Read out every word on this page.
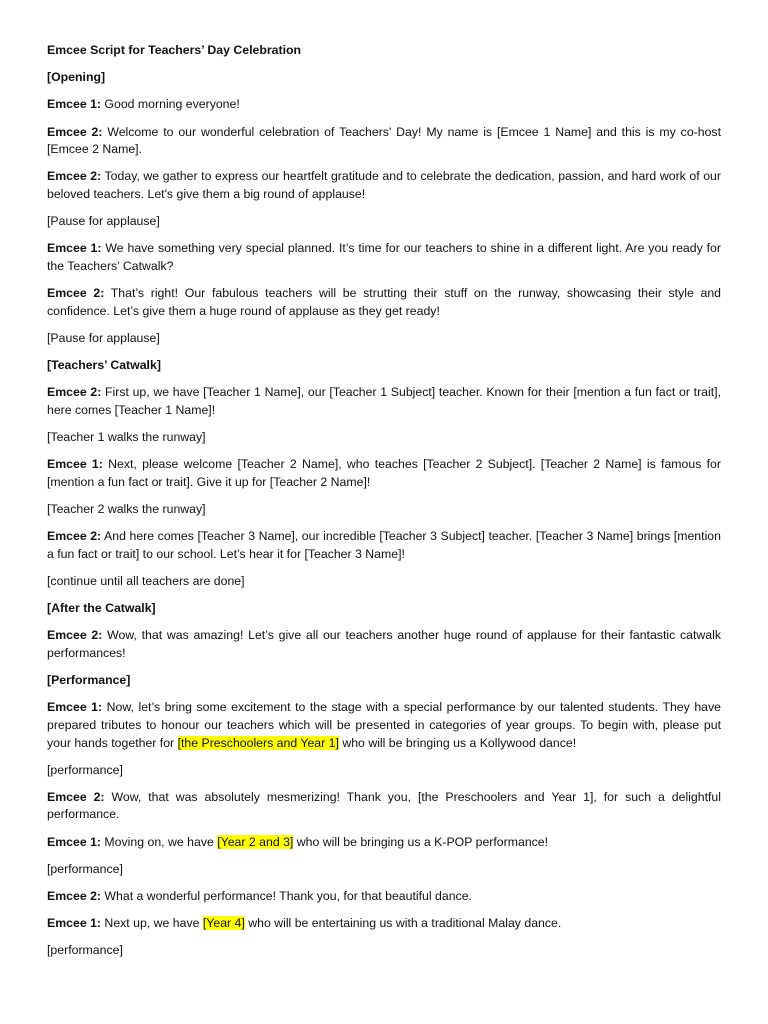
Emcee Script for Teachers’ Day Celebration

[Opening]

Emcee 1: Good morning everyone!

Emcee 2: Welcome to our wonderful celebration of Teachers' Day! My name is [Emcee 1 Name] and this is my co-host [Emcee 2 Name].

Emcee 2: Today, we gather to express our heartfelt gratitude and to celebrate the dedication, passion, and hard work of our beloved teachers. Let's give them a big round of applause!

[Pause for applause]

Emcee 1: We have something very special planned. It’s time for our teachers to shine in a different light. Are you ready for the Teachers’ Catwalk?

Emcee 2: That’s right! Our fabulous teachers will be strutting their stuff on the runway, showcasing their style and confidence. Let’s give them a huge round of applause as they get ready!

[Pause for applause]

[Teachers’ Catwalk]

Emcee 2: First up, we have [Teacher 1 Name], our [Teacher 1 Subject] teacher. Known for their [mention a fun fact or trait], here comes [Teacher 1 Name]!

[Teacher 1 walks the runway]

Emcee 1: Next, please welcome [Teacher 2 Name], who teaches [Teacher 2 Subject]. [Teacher 2 Name] is famous for [mention a fun fact or trait]. Give it up for [Teacher 2 Name]!

[Teacher 2 walks the runway]

Emcee 2: And here comes [Teacher 3 Name], our incredible [Teacher 3 Subject] teacher. [Teacher 3 Name] brings [mention a fun fact or trait] to our school. Let’s hear it for [Teacher 3 Name]!

[continue until all teachers are done]

[After the Catwalk]

Emcee 2: Wow, that was amazing! Let’s give all our teachers another huge round of applause for their fantastic catwalk performances!

[Performance]

Emcee 1: Now, let’s bring some excitement to the stage with a special performance by our talented students. They have prepared tributes to honour our teachers which will be presented in categories of year groups. To begin with, please put your hands together for [the Preschoolers and Year 1] who will be bringing us a Kollywood dance!

[performance]

Emcee 2: Wow, that was absolutely mesmerizing! Thank you, [the Preschoolers and Year 1], for such a delightful performance.

Emcee 1: Moving on, we have [Year 2 and 3] who will be bringing us a K-POP performance!

[performance]

Emcee 2: What a wonderful performance! Thank you, for that beautiful dance.

Emcee 1: Next up, we have [Year 4] who will be entertaining us with a traditional Malay dance.

[performance]
